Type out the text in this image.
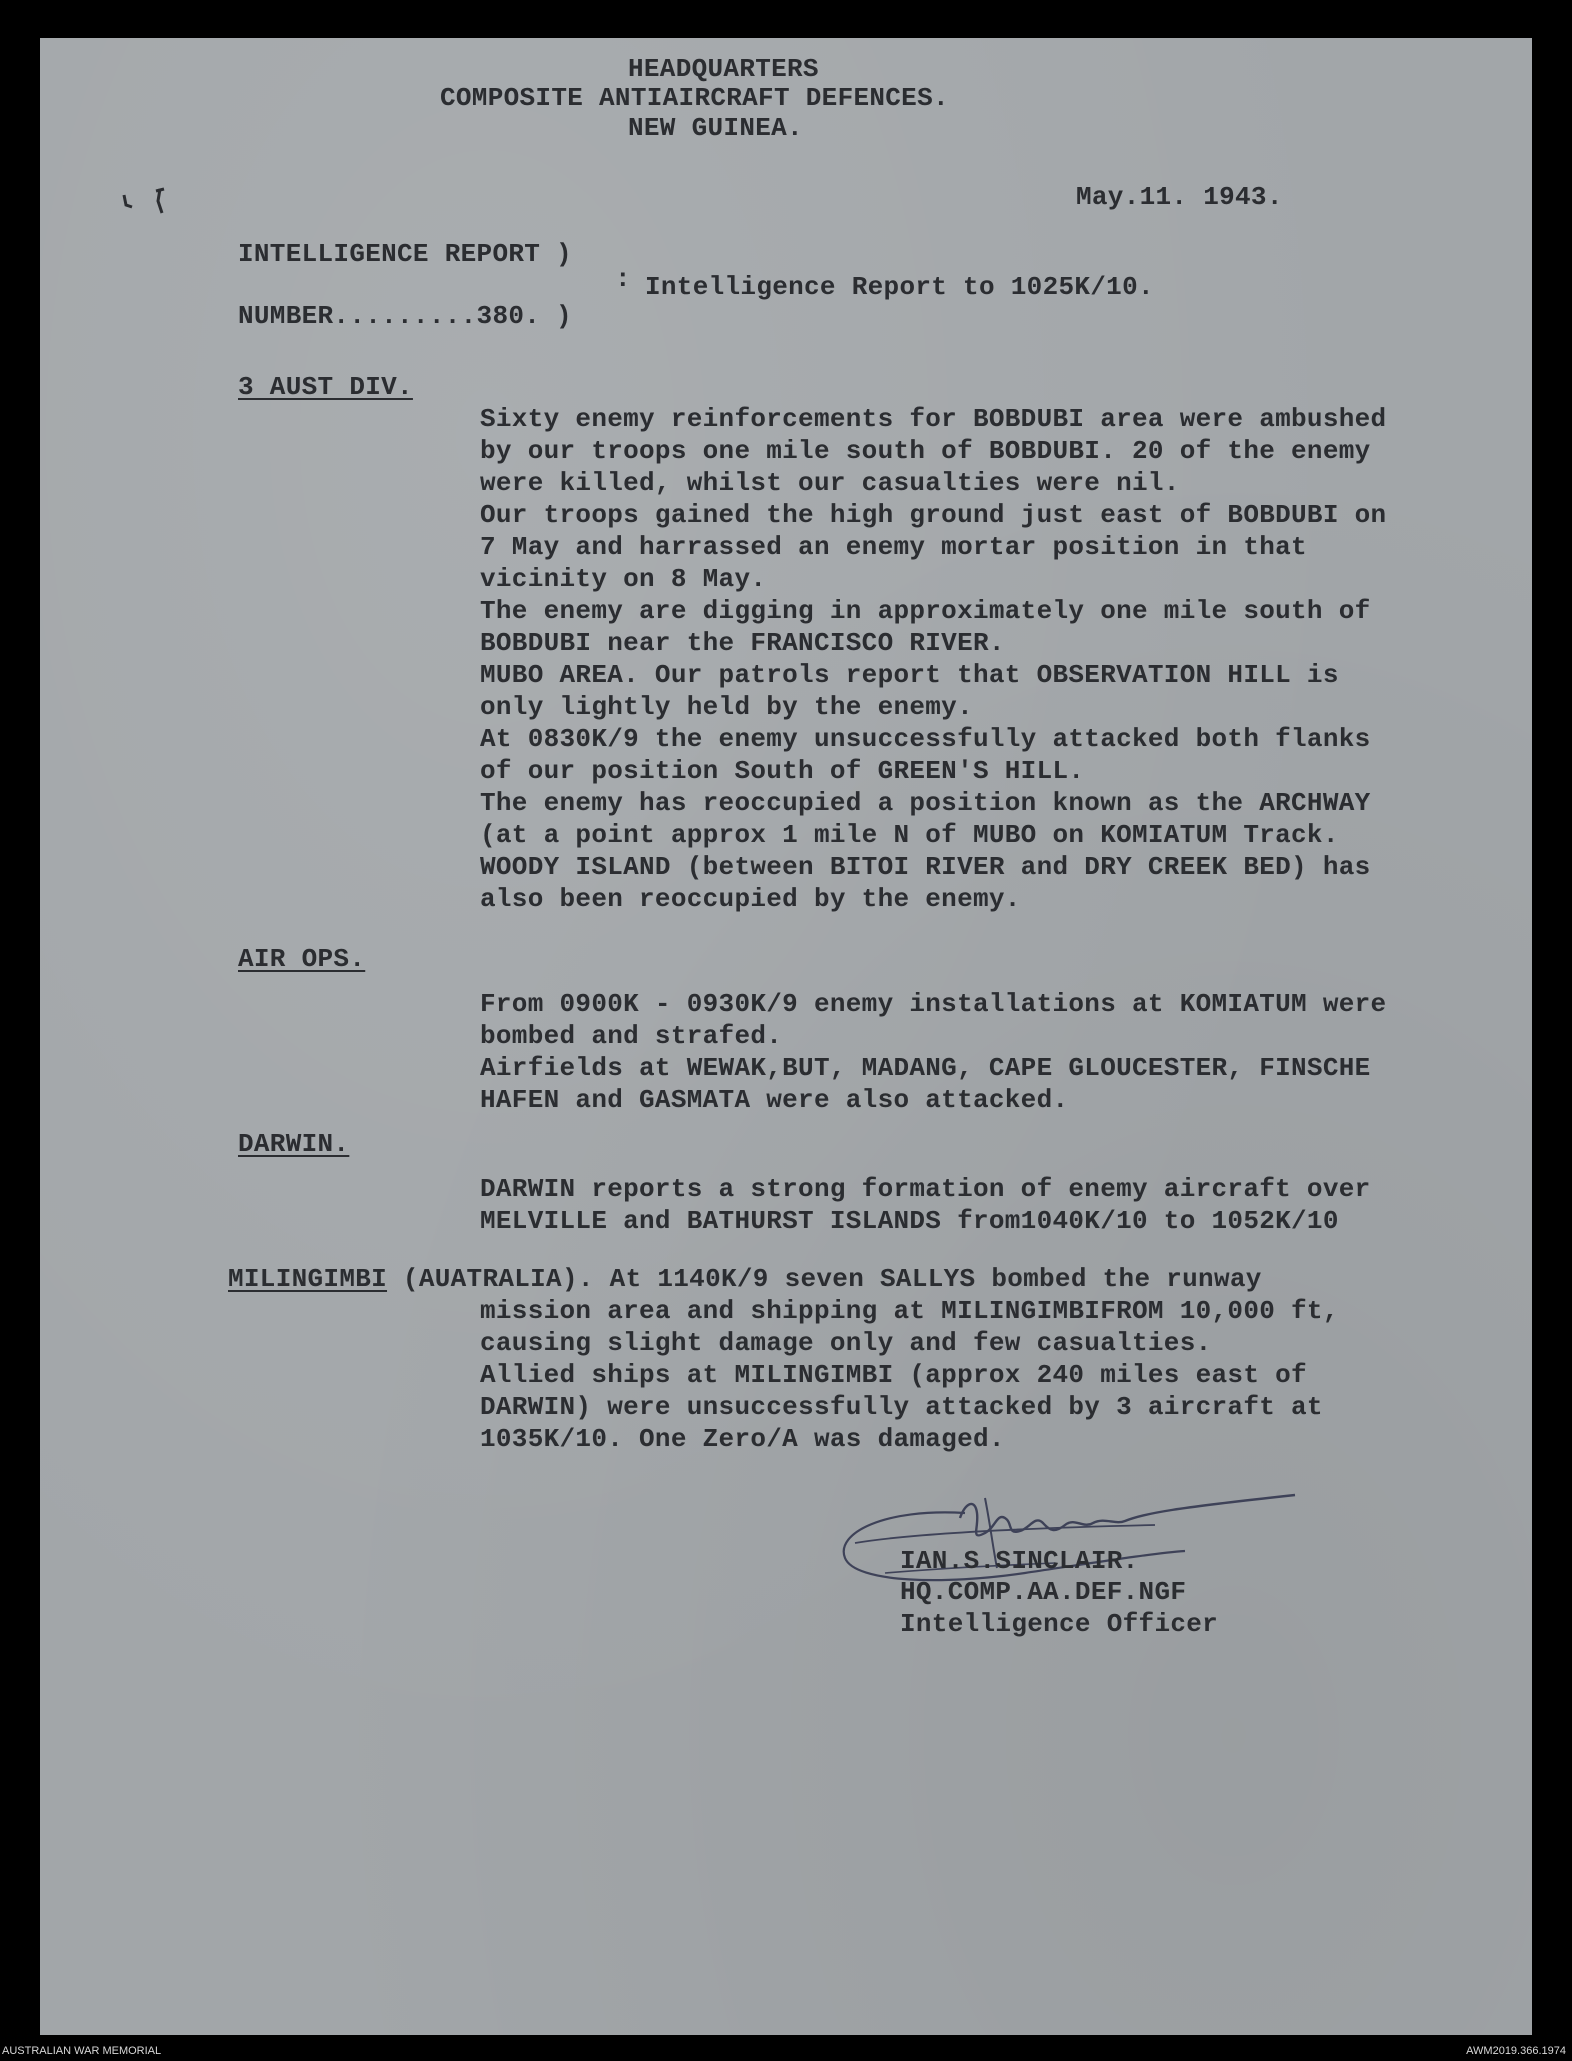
HEADQUARTERS
COMPOSITE ANTIAIRCRAFT DEFENCES.
NEW GUINEA.
May.11. 1943.
INTELLIGENCE REPORT )
: Intelligence Report to 1025K/10.
NUMBER.........380. )
3 AUST DIV.
Sixty enemy reinforcements for BOBDUBI area were ambushed
by our troops one mile south of BOBDUBI. 20 of the enemy
were killed, whilst our casualties were nil.
Our troops gained the high ground just east of BOBDUBI on
7 May and harrassed an enemy mortar position in that
vicinity on 8 May.
The enemy are digging in approximately one mile south of
BOBDUBI near the FRANCISCO RIVER.
MUBO AREA. Our patrols report that OBSERVATION HILL is
only lightly held by the enemy.
At 0830K/9 the enemy unsuccessfully attacked both flanks
of our position South of GREEN'S HILL.
The enemy has reoccupied a position known as the ARCHWAY
(at a point approx 1 mile N of MUBO on KOMIATUM Track.
WOODY ISLAND (between BITOI RIVER and DRY CREEK BED) has
also been reoccupied by the enemy.
AIR OPS.
From 0900K - 0930K/9 enemy installations at KOMIATUM were
bombed and strafed.
Airfields at WEWAK,BUT, MADANG, CAPE GLOUCESTER, FINSCHE
HAFEN and GASMATA were also attacked.
DARWIN.
DARWIN reports a strong formation of enemy aircraft over
MELVILLE and BATHURST ISLANDS from1040K/10 to 1052K/10
MILINGIMBI (AUATRALIA). At 1140K/9 seven SALLYS bombed the runway
mission area and shipping at MILINGIMBIFROM 10,000 ft,
causing slight damage only and few casualties.
Allied ships at MILINGIMBI (approx 240 miles east of
DARWIN) were unsuccessfully attacked by 3 aircraft at
1035K/10. One Zero/A was damaged.
IAN.S.SINCLAIR.
HQ.COMP.AA.DEF.NGF
Intelligence Officer
AUSTRALIAN WAR MEMORIAL	AWM2019.366.1974
